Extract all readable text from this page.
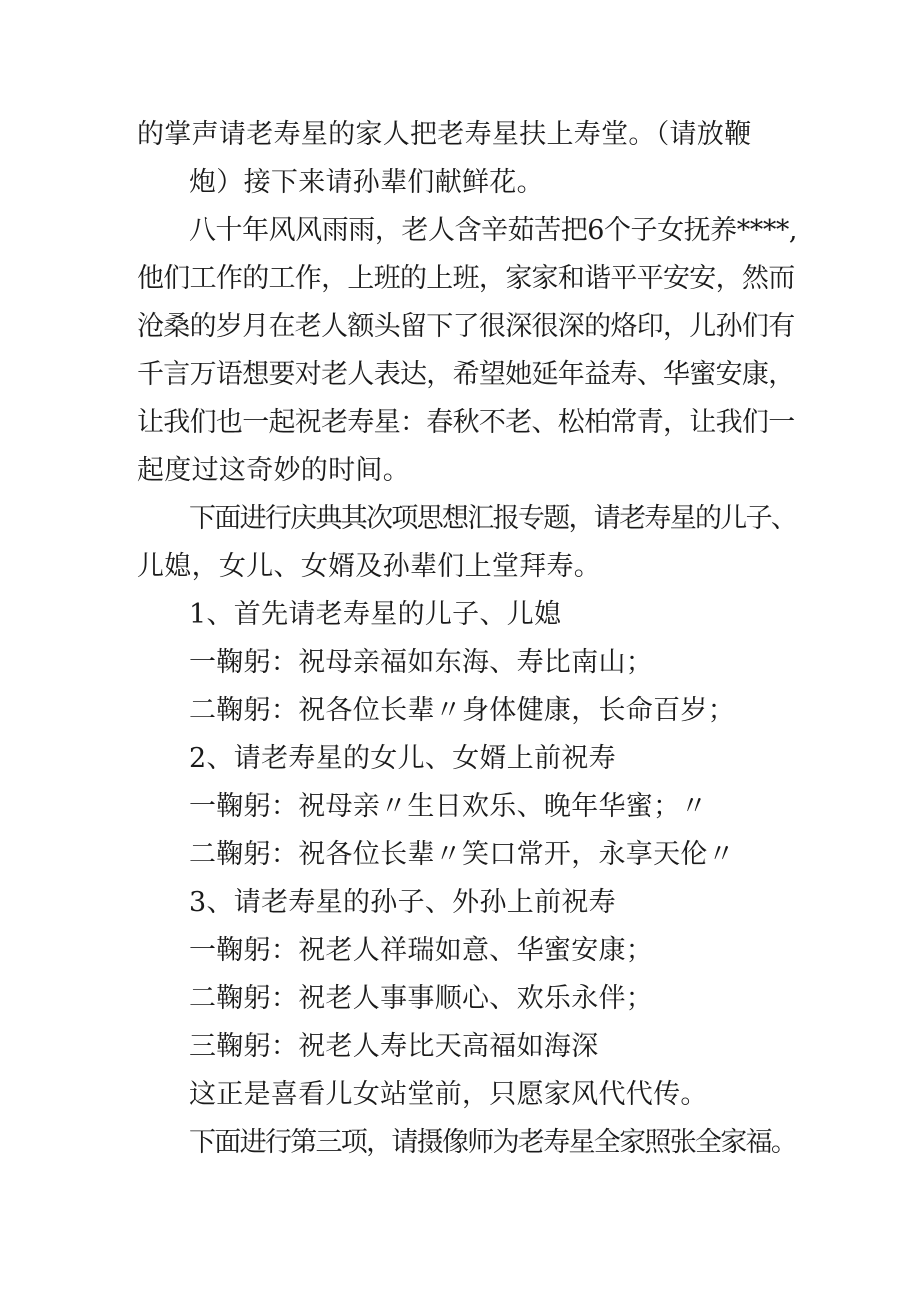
的掌声请老寿星的家人把老寿星扶上寿堂。（请放鞭

炮）接下来请孙辈们献鲜花。

八十年风风雨雨，老人含辛茹苦把6个子女抚养****,

他们工作的工作，上班的上班，家家和谐平平安安，然而

沧桑的岁月在老人额头留下了很深很深的烙印，儿孙们有

千言万语想要对老人表达，希望她延年益寿、华蜜安康，

让我们也一起祝老寿星：春秋不老、松柏常青，让我们一

起度过这奇妙的时间。

下面进行庆典其次项思想汇报专题，请老寿星的儿子、

儿媳，女儿、女婿及孙辈们上堂拜寿。

1、首先请老寿星的儿子、儿媳

一鞠躬：祝母亲福如东海、寿比南山；

二鞠躬：祝各位长辈〃身体健康，长命百岁；

2、请老寿星的女儿、女婿上前祝寿

一鞠躬：祝母亲〃生日欢乐、晚年华蜜；〃

二鞠躬：祝各位长辈〃笑口常开，永享天伦〃

3、请老寿星的孙子、外孙上前祝寿

一鞠躬：祝老人祥瑞如意、华蜜安康；

二鞠躬：祝老人事事顺心、欢乐永伴；

三鞠躬：祝老人寿比天高福如海深

这正是喜看儿女站堂前，只愿家风代代传。

下面进行第三项，请摄像师为老寿星全家照张全家福。
